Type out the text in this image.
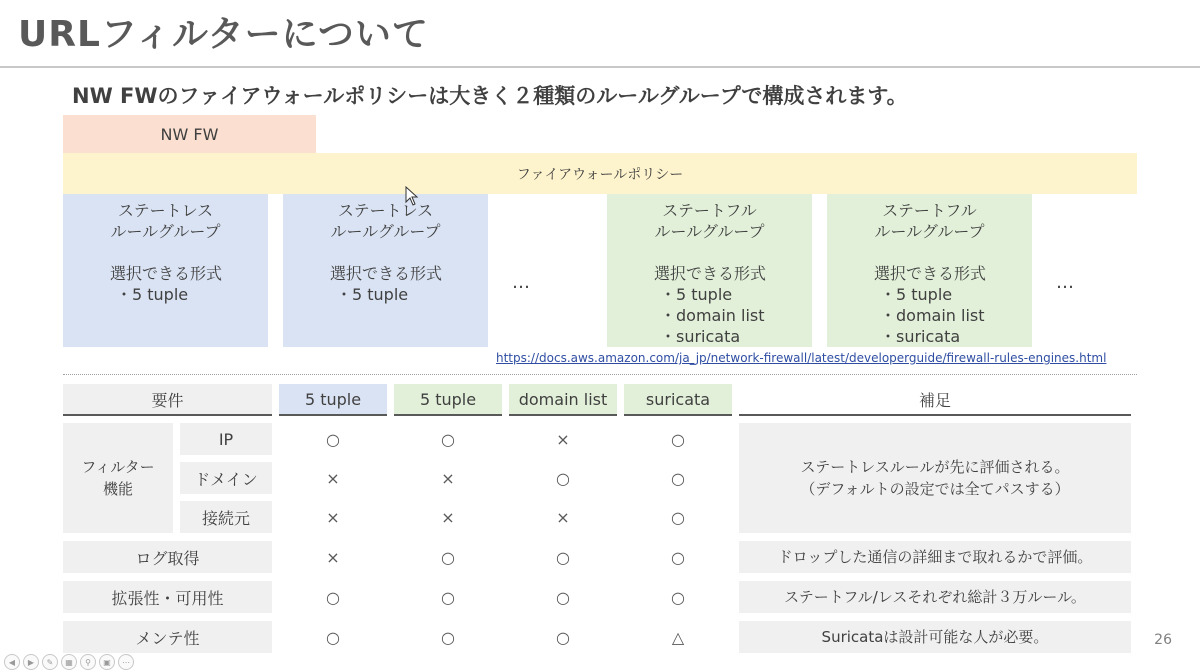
URLフィルターについて
NW FWのファイアウォールポリシーは大きく２種類のルールグループで構成されます。
NW FW
ファイアウォールポリシー
ステートレス
ルールグループ
選択できる形式
・5 tuple
ステートレス
ルールグループ
選択できる形式
・5 tuple
…
ステートフル
ルールグループ
選択できる形式
・5 tuple
・domain list
・suricata
ステートフル
ルールグループ
選択できる形式
・5 tuple
・domain list
・suricata
…
https://docs.aws.amazon.com/ja_jp/network-firewall/latest/developerguide/firewall-rules-engines.html
要件	5 tuple	5 tuple	domain list	suricata	補足
フィルター機能
IP	○	○	×	○
ドメイン	×	×	○	○
接続元	×	×	×	○
ステートレスルールが先に評価される。
（デフォルトの設定では全てパスする）
ログ取得	×	○	○	○	ドロップした通信の詳細まで取れるかで評価。
拡張性・可用性	○	○	○	○	ステートフル/レスそれぞれ総計３万ルール。
メンテ性	○	○	○	△	Suricataは設計可能な人が必要。	26
◀	▶	✎	▦	⚲	▣	⋯
